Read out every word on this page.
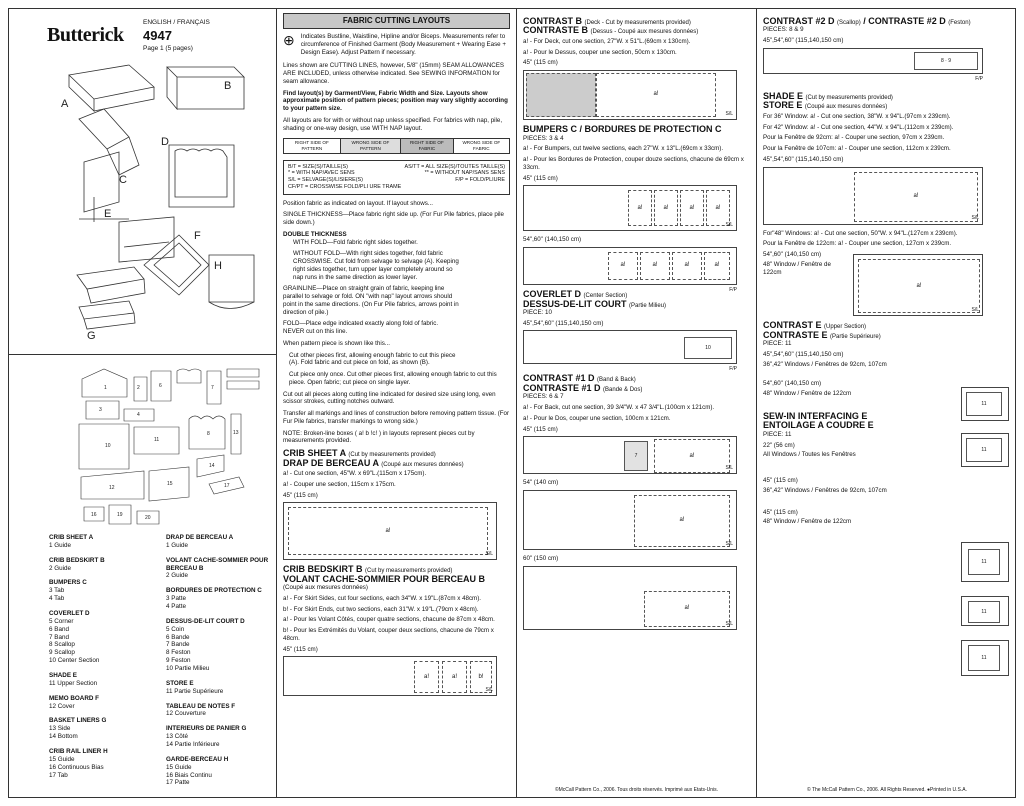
Butterick
ENGLISH / FRANÇAIS
4947
Page 1 (5 pages)
A
B
C
D
E
F
H
G
1	2	6	7
3
4
10
11
8	13
12
15
14
17
16	19	20
CRIB SHEET A
1 Guide
CRIB BEDSKIRT B
2 Guide
BUMPERS C
3 Tab
4 Tab
COVERLET D
5 Corner
6 Band
7 Band
8 Scallop
9 Scallop
10 Center Section
SHADE E
11 Upper Section
MEMO BOARD F
12 Cover
BASKET LINERS G
13 Side
14 Bottom
CRIB RAIL LINER H
15 Guide
16 Continuous Bias
17 Tab
DRAP DE BERCEAU A
1 Guide
VOLANT CACHE-SOMMIER POUR BERCEAU B
2 Guide
BORDURES DE PROTECTION C
3 Patte
4 Patte
DESSUS-DE-LIT COURT D
5 Coin
6 Bande
7 Bande
8 Feston
9 Feston
10 Partie Milieu
STORE E
11 Partie Supérieure
TABLEAU DE NOTES F
12 Couverture
INTERIEURS DE PANIER G
13 Côté
14 Partie Inférieure
GARDE-BERCEAU H
15 Guide
16 Biais Continu
17 Patte
FABRIC CUTTING LAYOUTS
⊕ Indicates Bustline, Waistline, Hipline and/or Biceps. Measurements refer to circumference of Finished Garment (Body Measurement + Wearing Ease + Design Ease). Adjust Pattern if necessary.

Lines shown are CUTTING LINES, however, 5/8" (15mm) SEAM ALLOWANCES ARE INCLUDED, unless otherwise indicated. See SEWING INFORMATION for seam allowance.

Find layout(s) by Garment/View, Fabric Width and Size. Layouts show approximate position of pattern pieces; position may vary slightly according to your pattern size.

All layouts are for with or without nap unless specified. For fabrics with nap, pile, shading or one-way design, use WITH NAP layout.

RIGHT SIDE OF PATTERN	WRONG SIDE OF PATTERN	RIGHT SIDE OF FABRIC	WRONG SIDE OF FABRIC
B/T = SIZE(S)/TAILLE(S)	AS/TT = ALL SIZE(S)/TOUTES TAILLE(S)
* = WITH NAP/AVEC SENS	** = WITHOUT NAP/SANS SENS
S/L = SELVAGE(S)/LISIERE(S)	F/P = FOLD/PLIURE
CF/PT = CROSSWISE FOLD/PLI URE TRAME

Position fabric as indicated on layout. If layout shows...

SINGLE THICKNESS—Place fabric right side up. (For Fur Pile fabrics, place pile side down.)

DOUBLE THICKNESS

WITH FOLD—Fold fabric right sides together.

WITHOUT FOLD—With right sides together, fold fabric CROSSWISE. Cut fold from selvage to selvage (A). Keeping right sides together, turn upper layer completely around so nap runs in the same direction as lower layer.

GRAINLINE—Place on straight grain of fabric, keeping line parallel to selvage or fold. ON "with nap" layout arrows should point in the same directions. (On Fur Pile fabrics, arrows point in direction of pile.)

FOLD—Place edge indicated exactly along fold of fabric. NEVER cut on this line.

When pattern piece is shown like this...

Cut other pieces first, allowing enough fabric to cut this piece (A). Fold fabric and cut piece on fold, as shown (B).

Cut piece only once. Cut other pieces first, allowing enough fabric to cut this piece. Open fabric; cut piece on single layer.

Cut out all pieces along cutting line indicated for desired size using long, even scissor strokes, cutting notches outward.

Transfer all markings and lines of construction before removing pattern tissue. (For Fur Pile fabrics, transfer markings to wrong side.)

NOTE: Broken-line boxes ( a! b !c! ) in layouts represent pieces cut by measurements provided.

CRIB SHEET A (Cut by measurements provided)
DRAP DE BERCEAU A (Coupé aux mesures données)

a! - Cut one section, 45"W. x 69"L.(115cm x 175cm).

a! - Couper une section, 115cm x 175cm.

45" (115 cm)
a!
S/L
CRIB BEDSKIRT B (Cut by measurements provided)
VOLANT CACHE-SOMMIER POUR BERCEAU B

(Coupé aux mesures données)

a! - For Skirt Sides, cut four sections, each 34"W. x 19"L.(87cm x 48cm).

b! - For Skirt Ends, cut two sections, each 31"W. x 19"L.(79cm x 48cm).

a! - Pour les Volant Côtés, couper quatre sections, chacune de 87cm x 48cm.

b! - Pour les Extrémités du Volant, couper deux sections, chacune de 79cm x 48cm.

45" (115 cm)
a!	a!	b!
S/L
CONTRAST B (Deck - Cut by measurements provided)
CONTRASTE B (Dessus - Coupé aux mesures données)

a! - For Deck, cut one section, 27"W. x 51"L.(69cm x 130cm).

a! - Pour le Dessus, couper une section, 50cm x 130cm.

45" (115 cm)
a!
S/L
BUMPERS C / BORDURES DE PROTECTION C

PIECES: 3 & 4

a! - For Bumpers, cut twelve sections, each 27"W. x 13"L.(69cm x 33cm).

a! - Pour les Bordures de Protection, couper douze sections, chacune de 69cm x 33cm.

45" (115 cm)
a!	a!	a!	a!
S/L
54",60" (140,150 cm)
a!	a!	a!	a!
F/P
COVERLET D (Center Section)
DESSUS-DE-LIT COURT (Partie Milieu)

PIECE: 10

45",54",60" (115,140,150 cm)
10
F/P
CONTRAST #1 D (Band & Back)
CONTRASTE #1 D (Bande & Dos)

PIECES: 6 & 7

a! - For Back, cut one section, 39 3/4"W. x 47 3/4"L.(100cm x 121cm).

a! - Pour le Dos, couper une section, 100cm x 121cm.

45" (115 cm)
7	a!
S/L
54" (140 cm)
a!
S/L
60" (150 cm)
a!
S/L
©McCall Pattern Co., 2006. Tous droits réservés. Imprimé aux Etats-Unis.
CONTRAST #2 D (Scallop) / CONTRASTE #2 D (Feston)

PIECES: 8 & 9

45",54",60" (115,140,150 cm)
8 · 9
F/P
SHADE E (Cut by measurements provided)
STORE E (Coupé aux mesures données)

For 36" Window: a! - Cut one section, 38"W. x 94"L.(97cm x 239cm).

For 42" Window: a! - Cut one section, 44"W. x 94"L.(112cm x 239cm).

Pour la Fenêtre de 92cm: a! - Couper une section, 97cm x 239cm.

Pour la Fenêtre de 107cm: a! - Couper une section, 112cm x 239cm.

45",54",60" (115,140,150 cm)
a!
S/L

For"48" Windows: a! - Cut one section, 50"W. x 94"L.(127cm x 239cm).

Pour la Fenêtre de 122cm: a! - Couper une section, 127cm x 239cm.

54",60" (140,150 cm)
48" Window / Fenêtre de 122cm
a!
S/L
CONTRAST E (Upper Section)
CONTRASTE E (Partie Supérieure)

PIECE: 11

45",54",60" (115,140,150 cm)
36",42" Windows / Fenêtres de 92cm, 107cm
54",60" (140,150 cm)
48" Window / Fenêtre de 122cm
SEW-IN INTERFACING E
ENTOILAGE A COUDRE E

PIECE: 11

22" (56 cm)
All Windows / Toutes les Fenêtres
45" (115 cm)
36",42" Windows / Fenêtres de 92cm, 107cm
45" (115 cm)
48" Window / Fenêtre de 122cm
11
11
11
11
11
© The McCall Pattern Co., 2006. All Rights Reserved. ●Printed in U.S.A.
